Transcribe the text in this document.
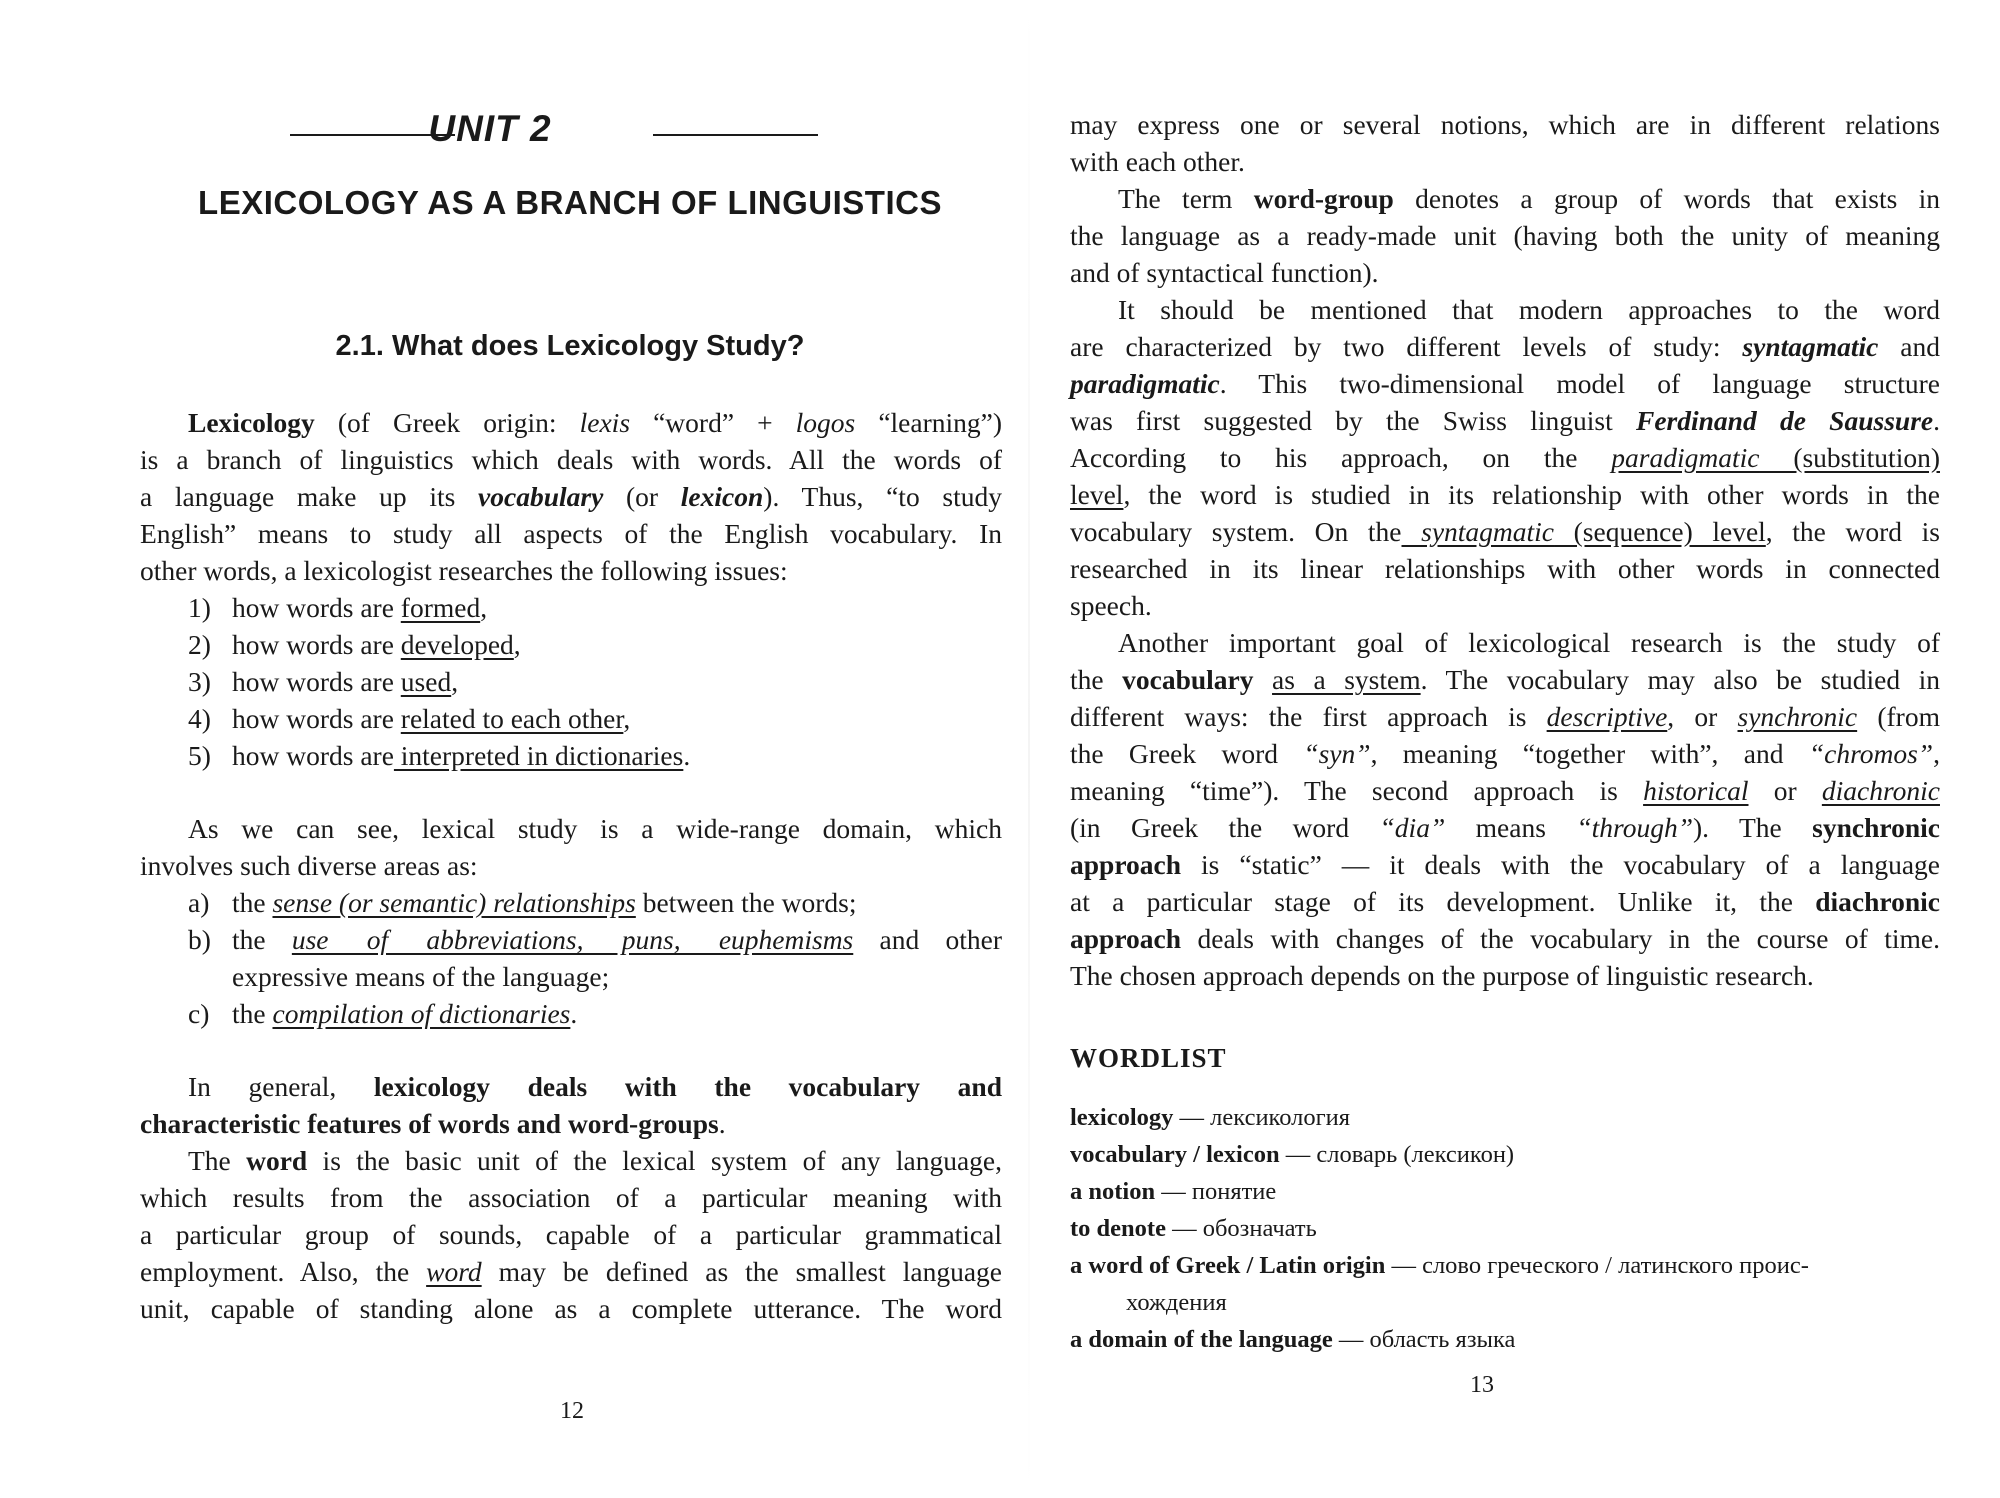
UNIT 2
LEXICOLOGY AS A BRANCH OF LINGUISTICS
2.1. What does Lexicology Study?
Lexicology (of Greek origin: lexis “word” + logos “learning”)
is a branch of linguistics which deals with words. All the words of
a language make up its vocabulary (or lexicon). Thus, “to study
English” means to study all aspects of the English vocabulary. In
other words, a lexicologist researches the following issues:
1) how words are formed,
2) how words are developed,
3) how words are used,
4) how words are related to each other,
5) how words are interpreted in dictionaries.
As we can see, lexical study is a wide-range domain, which
involves such diverse areas as:
a) the sense (or semantic) relationships between the words;
b) the use of abbreviations, puns, euphemisms and other
expressive means of the language;
c) the compilation of dictionaries.
In general, lexicology deals with the vocabulary and
characteristic features of words and word-groups.
The word is the basic unit of the lexical system of any language,
which results from the association of a particular meaning with
a particular group of sounds, capable of a particular grammatical
employment. Also, the word may be defined as the smallest language
unit, capable of standing alone as a complete utterance. The word
12
may express one or several notions, which are in different relations
with each other.
The term word-group denotes a group of words that exists in
the language as a ready-made unit (having both the unity of meaning
and of syntactical function).
It should be mentioned that modern approaches to the word
are characterized by two different levels of study: syntagmatic and
paradigmatic. This two-dimensional model of language structure
was first suggested by the Swiss linguist Ferdinand de Saussure.
According to his approach, on the paradigmatic (substitution)
level, the word is studied in its relationship with other words in the
vocabulary system. On the syntagmatic (sequence) level, the word is
researched in its linear relationships with other words in connected
speech.
Another important goal of lexicological research is the study of
the vocabulary as a system. The vocabulary may also be studied in
different ways: the first approach is descriptive, or synchronic (from
the Greek word “syn”, meaning “together with”, and “chromos”,
meaning “time”). The second approach is historical or diachronic
(in Greek the word “dia” means “through”). The synchronic
approach is “static” — it deals with the vocabulary of a language
at a particular stage of its development. Unlike it, the diachronic
approach deals with changes of the vocabulary in the course of time.
The chosen approach depends on the purpose of linguistic research.
WORDLIST
lexicology — лексикология
vocabulary / lexicon — словарь (лексикон)
a notion — понятие
to denote — обозначать
a word of Greek / Latin origin — слово греческого / латинского проис-
хождения
a domain of the language — область языка
13
